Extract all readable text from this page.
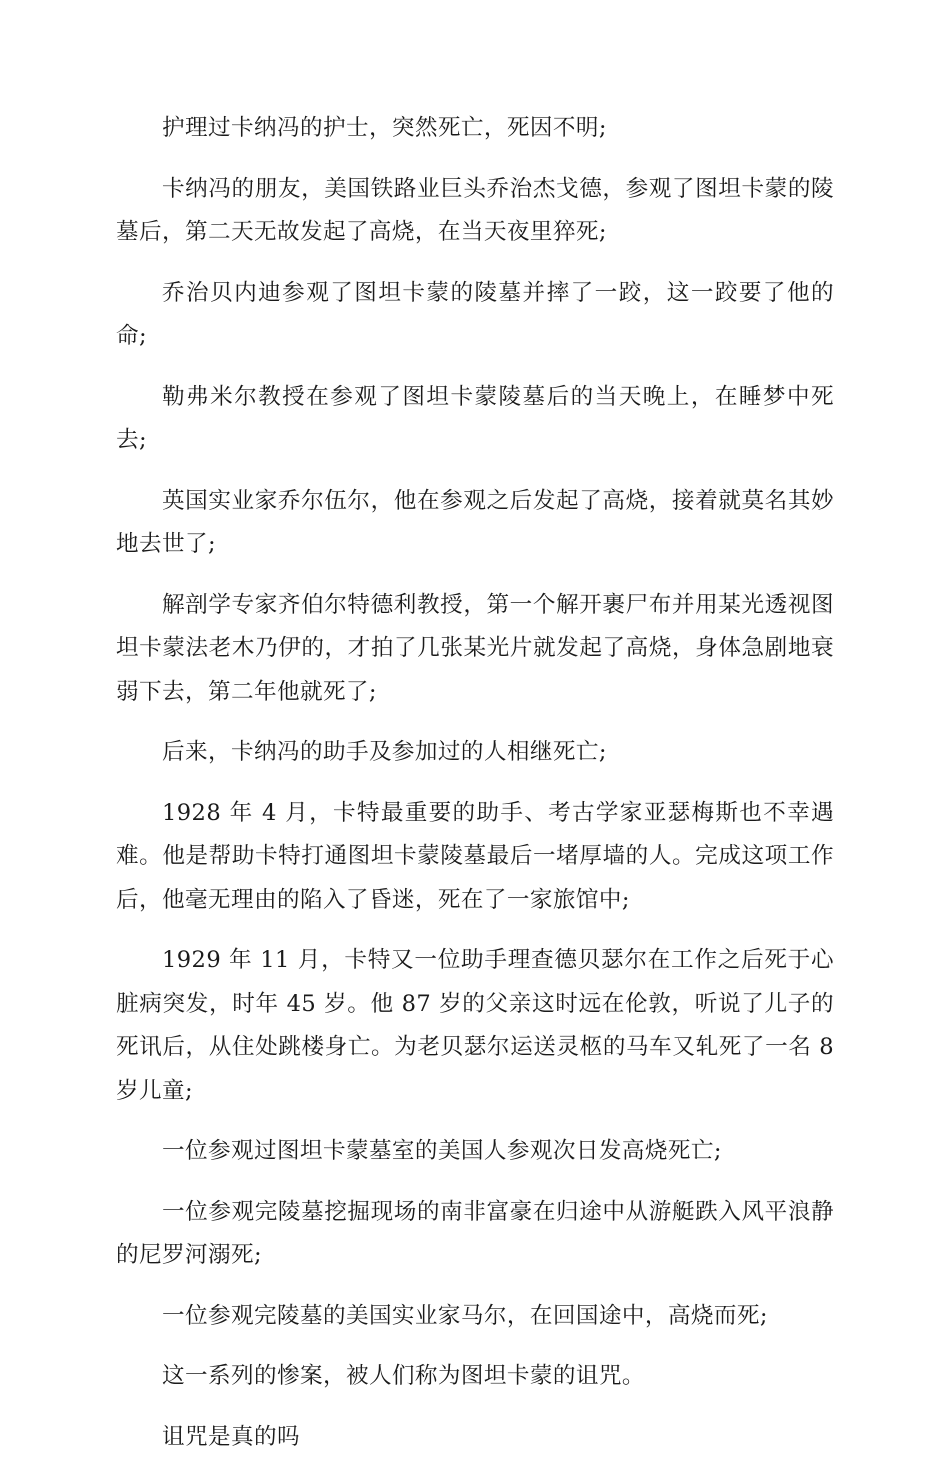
护理过卡纳冯的护士，突然死亡，死因不明;

卡纳冯的朋友，美国铁路业巨头乔治杰戈德，参观了图坦卡蒙的陵墓后，第二天无故发起了高烧，在当天夜里猝死;

乔治贝内迪参观了图坦卡蒙的陵墓并摔了一跤，这一跤要了他的命;

勒弗米尔教授在参观了图坦卡蒙陵墓后的当天晚上，在睡梦中死去;

英国实业家乔尔伍尔，他在参观之后发起了高烧，接着就莫名其妙地去世了;

解剖学专家齐伯尔特德利教授，第一个解开裹尸布并用某光透视图坦卡蒙法老木乃伊的，才拍了几张某光片就发起了高烧，身体急剧地衰弱下去，第二年他就死了;

后来，卡纳冯的助手及参加过的人相继死亡;

1928 年 4 月，卡特最重要的助手、考古学家亚瑟梅斯也不幸遇难。他是帮助卡特打通图坦卡蒙陵墓最后一堵厚墙的人。完成这项工作后，他毫无理由的陷入了昏迷，死在了一家旅馆中;

1929 年 11 月，卡特又一位助手理查德贝瑟尔在工作之后死于心脏病突发，时年 45 岁。他 87 岁的父亲这时远在伦敦，听说了儿子的死讯后，从住处跳楼身亡。为老贝瑟尔运送灵柩的马车又轧死了一名 8 岁儿童;

一位参观过图坦卡蒙墓室的美国人参观次日发高烧死亡;

一位参观完陵墓挖掘现场的南非富豪在归途中从游艇跌入风平浪静的尼罗河溺死;

一位参观完陵墓的美国实业家马尔，在回国途中，高烧而死;

这一系列的惨案，被人们称为图坦卡蒙的诅咒。

诅咒是真的吗
